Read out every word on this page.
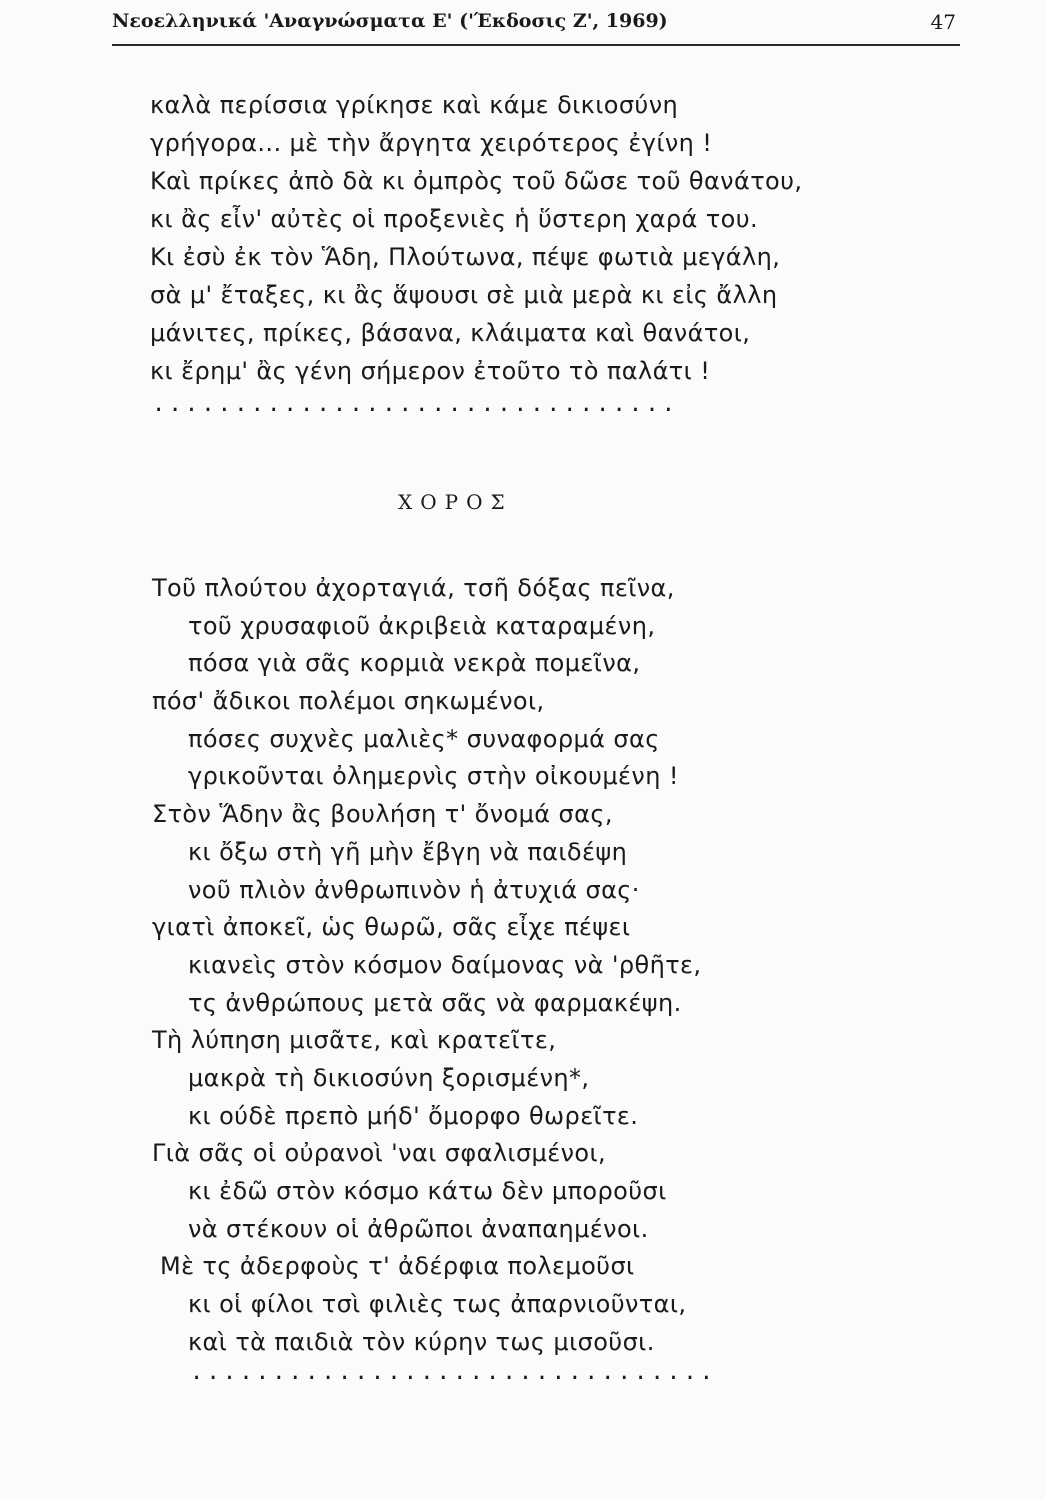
Νεοελληνικά 'Αναγνώσματα Ε' ('Έκδοσις Ζ', 1969)	47
καλὰ περίσσια γρίκησε καὶ κάμε δικιοσύνη
γρήγορα... μὲ τὴν ἄργητα χειρότερος ἐγίνη !
Καὶ πρίκες ἀπὸ δὰ κι ὀμπρὸς τοῦ δῶσε τοῦ θανάτου,
κι ἂς εἶν' αὐτὲς οἱ προξενιὲς ἡ ὕστερη χαρά του.
Κι ἐσὺ ἐκ τὸν Ἅδη, Πλούτωνα, πέψε φωτιὰ μεγάλη,
σὰ μ' ἔταξες, κι ἂς ἅψουσι σὲ μιὰ μερὰ κι εἰς ἄλλη
μάνιτες, πρίκες, βάσανα, κλάιματα καὶ θανάτοι,
κι ἔρημ' ἂς γένη σήμερον ἐτοῦτο τὸ παλάτι !
................................
ΧΟΡΟΣ
Τοῦ πλούτου ἀχορταγιά, τσῆ δόξας πεῖνα,
τοῦ χρυσαφιοῦ ἀκριβειὰ καταραμένη,
πόσα γιὰ σᾶς κορμιὰ νεκρὰ πομεῖνα,
πόσ' ἄδικοι πολέμοι σηκωμένοι,
πόσες συχνὲς μαλιὲς* συναφορμά σας
γρικοῦνται ὀλημερνὶς στὴν οἰκουμένη !
Στὸν Ἅδην ἂς βουλήση τ' ὄνομά σας,
κι ὄξω στὴ γῆ μὴν ἔβγη νὰ παιδέψη
νοῦ πλιὸν ἀνθρωπινὸν ἡ ἀτυχιά σας·
γιατὶ ἀποκεῖ, ὡς θωρῶ, σᾶς εἶχε πέψει
κιανεὶς στὸν κόσμον δαίμονας νὰ 'ρθῆτε,
τς ἀνθρώπους μετὰ σᾶς νὰ φαρμακέψη.
Τὴ λύπηση μισᾶτε, καὶ κρατεῖτε,
μακρὰ τὴ δικιοσύνη ξορισμένη*,
κι ούδὲ πρεπὸ μήδ' ὄμορφο θωρεῖτε.
Γιὰ σᾶς οἱ οὐρανοὶ 'ναι σφαλισμένοι,
κι ἐδῶ στὸν κόσμο κάτω δὲν μποροῦσι
νὰ στέκουν οἱ ἀθρῶποι ἀναπαημένοι.
Μὲ τς ἀδερφοὺς τ' ἀδέρφια πολεμοῦσι
κι οἱ φίλοι τσὶ φιλιὲς τως ἀπαρνιοῦνται,
καὶ τὰ παιδιὰ τὸν κύρην τως μισοῦσι.
................................
